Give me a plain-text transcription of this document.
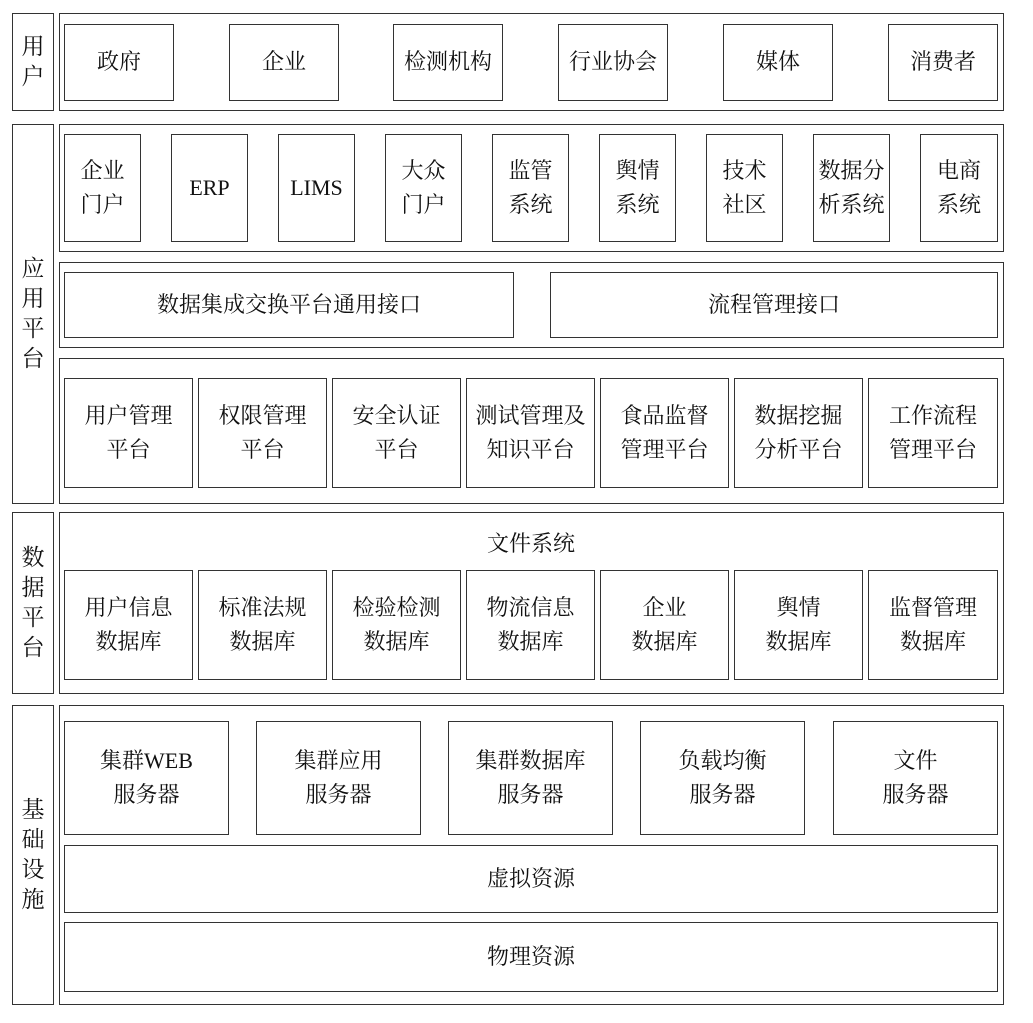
用
户
政府	企业	检测机构	行业协会	媒体	消费者
应
用
平
台
企业
门户
ERP	LIMS
大众
门户
监管
系统
舆情
系统
技术
社区
数据分
析系统
电商
系统
数据集成交换平台通用接口	流程管理接口
用户管理
平台
权限管理
平台
安全认证
平台
测试管理及
知识平台
食品监督
管理平台
数据挖掘
分析平台
工作流程
管理平台
数
据
平
台
文件系统
用户信息
数据库
标准法规
数据库
检验检测
数据库
物流信息
数据库
企业
数据库
舆情
数据库
监督管理
数据库
基
础
设
施
集群WEB
服务器
集群应用
服务器
集群数据库
服务器
负载均衡
服务器
文件
服务器
虚拟资源
物理资源
